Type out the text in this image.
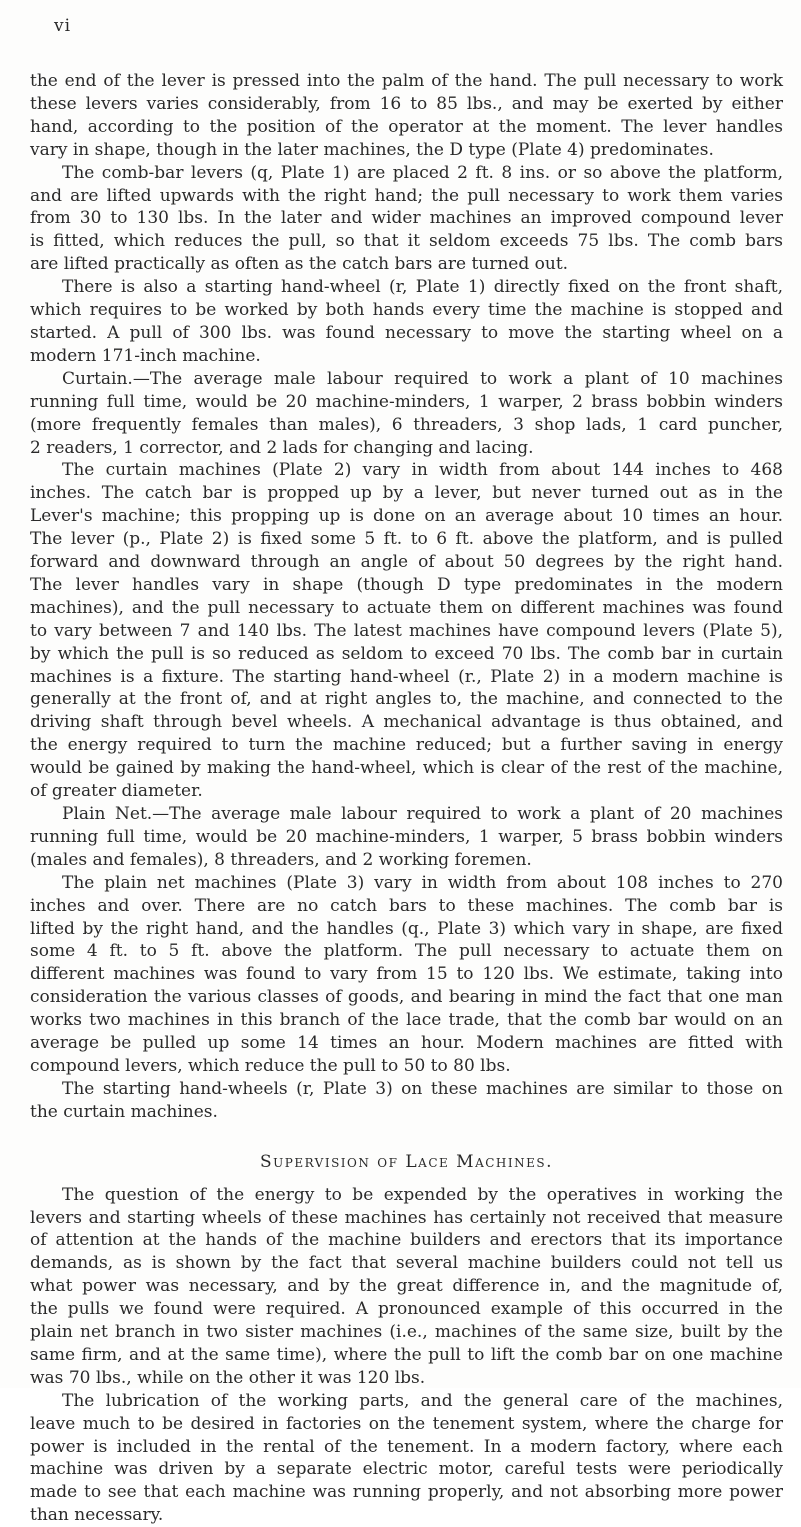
vi
the end of the lever is pressed into the palm of the hand. The pull necessary to work
these levers varies considerably, from 16 to 85 lbs., and may be exerted by either
hand, according to the position of the operator at the moment. The lever handles
vary in shape, though in the later machines, the D type (Plate 4) predominates.
The comb-bar levers (q, Plate 1) are placed 2 ft. 8 ins. or so above the platform,
and are lifted upwards with the right hand; the pull necessary to work them varies
from 30 to 130 lbs. In the later and wider machines an improved compound lever
is fitted, which reduces the pull, so that it seldom exceeds 75 lbs. The comb bars
are lifted practically as often as the catch bars are turned out.
There is also a starting hand-wheel (r, Plate 1) directly fixed on the front shaft,
which requires to be worked by both hands every time the machine is stopped and
started. A pull of 300 lbs. was found necessary to move the starting wheel on a
modern 171-inch machine.
Curtain.—The average male labour required to work a plant of 10 machines
running full time, would be 20 machine-minders, 1 warper, 2 brass bobbin winders
(more frequently females than males), 6 threaders, 3 shop lads, 1 card puncher,
2 readers, 1 corrector, and 2 lads for changing and lacing.
The curtain machines (Plate 2) vary in width from about 144 inches to 468
inches. The catch bar is propped up by a lever, but never turned out as in the
Lever's machine; this propping up is done on an average about 10 times an hour.
The lever (p., Plate 2) is fixed some 5 ft. to 6 ft. above the platform, and is pulled
forward and downward through an angle of about 50 degrees by the right hand.
The lever handles vary in shape (though D type predominates in the modern
machines), and the pull necessary to actuate them on different machines was found
to vary between 7 and 140 lbs. The latest machines have compound levers (Plate 5),
by which the pull is so reduced as seldom to exceed 70 lbs. The comb bar in curtain
machines is a fixture. The starting hand-wheel (r., Plate 2) in a modern machine is
generally at the front of, and at right angles to, the machine, and connected to the
driving shaft through bevel wheels. A mechanical advantage is thus obtained, and
the energy required to turn the machine reduced; but a further saving in energy
would be gained by making the hand-wheel, which is clear of the rest of the machine,
of greater diameter.
Plain Net.—The average male labour required to work a plant of 20 machines
running full time, would be 20 machine-minders, 1 warper, 5 brass bobbin winders
(males and females), 8 threaders, and 2 working foremen.
The plain net machines (Plate 3) vary in width from about 108 inches to 270
inches and over. There are no catch bars to these machines. The comb bar is
lifted by the right hand, and the handles (q., Plate 3) which vary in shape, are fixed
some 4 ft. to 5 ft. above the platform. The pull necessary to actuate them on
different machines was found to vary from 15 to 120 lbs. We estimate, taking into
consideration the various classes of goods, and bearing in mind the fact that one man
works two machines in this branch of the lace trade, that the comb bar would on an
average be pulled up some 14 times an hour. Modern machines are fitted with
compound levers, which reduce the pull to 50 to 80 lbs.
The starting hand-wheels (r, Plate 3) on these machines are similar to those on
the curtain machines.
Supervision of Lace Machines.
The question of the energy to be expended by the operatives in working the
levers and starting wheels of these machines has certainly not received that measure
of attention at the hands of the machine builders and erectors that its importance
demands, as is shown by the fact that several machine builders could not tell us
what power was necessary, and by the great difference in, and the magnitude of,
the pulls we found were required. A pronounced example of this occurred in the
plain net branch in two sister machines (i.e., machines of the same size, built by the
same firm, and at the same time), where the pull to lift the comb bar on one machine
was 70 lbs., while on the other it was 120 lbs.
The lubrication of the working parts, and the general care of the machines,
leave much to be desired in factories on the tenement system, where the charge for
power is included in the rental of the tenement. In a modern factory, where each
machine was driven by a separate electric motor, careful tests were periodically
made to see that each machine was running properly, and not absorbing more power
than necessary.
